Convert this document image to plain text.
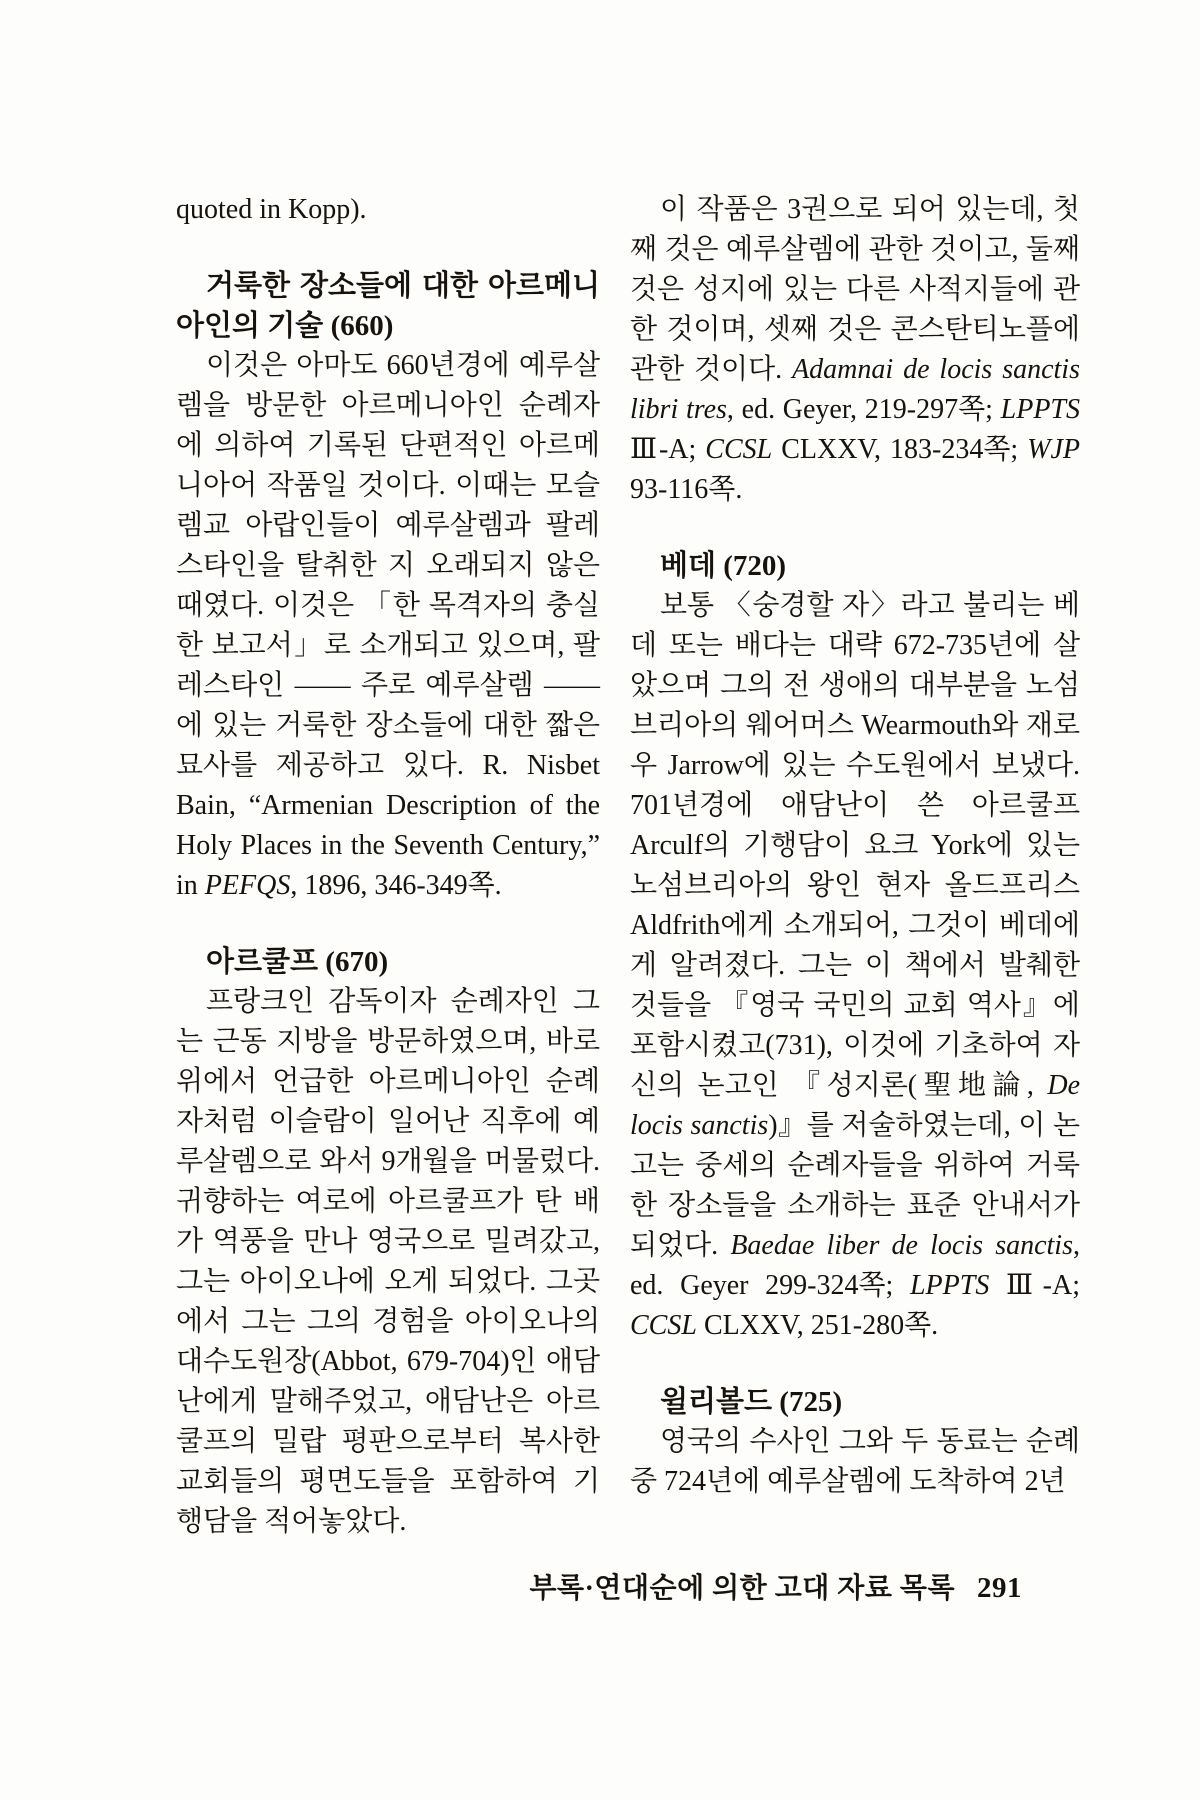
quoted in Kopp).

거룩한 장소들에 대한 아르메니아인의 기술 (660)

이것은 아마도 660년경에 예루살렘을 방문한 아르메니아인 순례자에 의하여 기록된 단편적인 아르메니아어 작품일 것이다. 이때는 모슬렘교 아랍인들이 예루살렘과 팔레스타인을 탈취한 지 오래되지 않은 때였다. 이것은 「한 목격자의 충실한 보고서」로 소개되고 있으며, 팔레스타인 —— 주로 예루살렘 —— 에 있는 거룩한 장소들에 대한 짧은 묘사를 제공하고 있다. R. Nisbet Bain, “Armenian Description of the Holy Places in the Seventh Century,” in PEFQS, 1896, 346-349쪽.

아르쿨프 (670)

프랑크인 감독이자 순례자인 그는 근동 지방을 방문하였으며, 바로 위에서 언급한 아르메니아인 순례자처럼 이슬람이 일어난 직후에 예루살렘으로 와서 9개월을 머물렀다. 귀향하는 여로에 아르쿨프가 탄 배가 역풍을 만나 영국으로 밀려갔고, 그는 아이오나에 오게 되었다. 그곳에서 그는 그의 경험을 아이오나의 대수도원장(Abbot, 679-704)인 애담난에게 말해주었고, 애담난은 아르쿨프의 밀랍 평판으로부터 복사한 교회들의 평면도들을 포함하여 기행담을 적어놓았다.

이 작품은 3권으로 되어 있는데, 첫째 것은 예루살렘에 관한 것이고, 둘째 것은 성지에 있는 다른 사적지들에 관한 것이며, 셋째 것은 콘스탄티노플에 관한 것이다. Adamnai de locis sanctis libri tres, ed. Geyer, 219-297쪽; LPPTS Ⅲ-A; CCSL CLXXV, 183-234쪽; WJP 93-116쪽.

베데 (720)

보통 〈숭경할 자〉라고 불리는 베데 또는 배다는 대략 672-735년에 살았으며 그의 전 생애의 대부분을 노섬브리아의 웨어머스 Wearmouth와 재로우 Jarrow에 있는 수도원에서 보냈다. 701년경에 애담난이 쓴 아르쿨프 Arculf의 기행담이 요크 York에 있는 노섬브리아의 왕인 현자 올드프리스 Aldfrith에게 소개되어, 그것이 베데에게 알려졌다. 그는 이 책에서 발췌한 것들을 『영국 국민의 교회 역사』에 포함시켰고(731), 이것에 기초하여 자신의 논고인 『성지론(聖地論, De locis sanctis)』를 저술하였는데, 이 논고는 중세의 순례자들을 위하여 거룩한 장소들을 소개하는 표준 안내서가 되었다. Baedae liber de locis sanctis, ed. Geyer 299-324쪽; LPPTS Ⅲ-A; CCSL CLXXV, 251-280쪽.

윌리볼드 (725)

영국의 수사인 그와 두 동료는 순례 중 724년에 예루살렘에 도착하여 2년

부록·연대순에 의한 고대 자료 목록 291
